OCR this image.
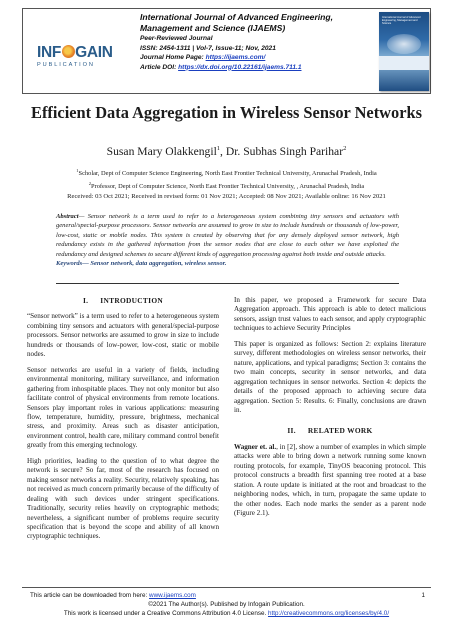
INF GAIN
PUBLICATION
International Journal of Advanced Engineering, Management and Science (IJAEMS)
Peer-Reviewed Journal
ISSN: 2454-1311 | Vol-7, Issue-11; Nov, 2021
Journal Home Page: https://ijaems.com/
Article DOI: https://dx.doi.org/10.22161/ijaems.711.1
International Journal of Advanced Engineering, Management and Science
Efficient Data Aggregation in Wireless Sensor Networks
Susan Mary Olakkengil$^1$, Dr. Subhas Singh Parihar$^2$
$^1$Scholar, Dept of Computer Science Engineering, North East Frontier Technical University, Arunachal Pradesh, India
$^2$Professor, Dept of Computer Science, North East Frontier Technical University, , Arunachal Pradesh, India
Received: 03 Oct 2021; Received in revised form: 01 Nov 2021; Accepted: 08 Nov 2021; Available online: 16 Nov 2021
Abstract— Sensor network is a term used to refer to a heterogeneous system combining tiny sensors and actuators with general/special-purpose processors. Sensor networks are assumed to grow in size to include hundreds or thousands of low-power, low-cost, static or mobile nodes. This system is created by observing that for any densely deployed sensor network, high redundancy exists in the gathered information from the sensor nodes that are close to each other we have exploited the redundancy and designed schemes to secure different kinds of aggregation processing against both inside and outside attacks.
Keywords— Sensor network, data aggregation, wireless sensor.
I. INTRODUCTION

“Sensor network” is a term used to refer to a heterogeneous system combining tiny sensors and actuators with general/special-purpose processors. Sensor networks are assumed to grow in size to include hundreds or thousands of low-power, low-cost, static or mobile nodes.

Sensor networks are useful in a variety of fields, including environmental monitoring, military surveillance, and information gathering from inhospitable places. They not only monitor but also facilitate control of physical environments from remote locations. Sensors play important roles in various applications: measuring flow, temperature, humidity, pressure, brightness, mechanical stress, and proximity. Areas such as disaster anticipation, environment control, health care, military command control benefit greatly from this emerging technology.

High priorities, leading to the question of to what degree the network is secure? So far, most of the research has focused on making sensor networks a reality. Security, relatively speaking, has not received as much concern primarily because of the difficulty of dealing with such devices under stringent specifications. Traditionally, security relies heavily on cryptographic methods; nevertheless, a significant number of problems require security specification that is beyond the scope and ability of all known cryptographic techniques.

In this paper, we proposed a Framework for secure Data Aggregation approach. This approach is able to detect malicious sensors, assign trust values to each sensor, and apply cryptographic techniques to achieve Security Principles

This paper is organized as follows: Section 2: explains literature survey, different methodologies on wireless sensor networks, their nature, applications, and typical paradigms; Section 3: contains the two main concepts, security in sensor networks, and data aggregation techniques in sensor networks. Section 4: depicts the details of the proposed approach to achieving secure data aggregation. Section 5: Results. 6: Finally, conclusions are drawn in.

II. RELATED WORK

Wagner et. al., in [2], show a number of examples in which simple attacks were able to bring down a network running some known routing protocols, for example, TinyOS beaconing protocol. This protocol constructs a breadth first spanning tree rooted at a base station. A route update is initiated at the root and broadcast to the neighboring nodes, which, in turn, propagate the same update to the other nodes. Each node marks the sender as a parent node (Figure 2.1).

This article can be downloaded from here: www.ijaems.com	1
©2021 The Author(s). Published by Infogain Publication.
This work is licensed under a Creative Commons Attribution 4.0 License. http://creativecommons.org/licenses/by/4.0/
